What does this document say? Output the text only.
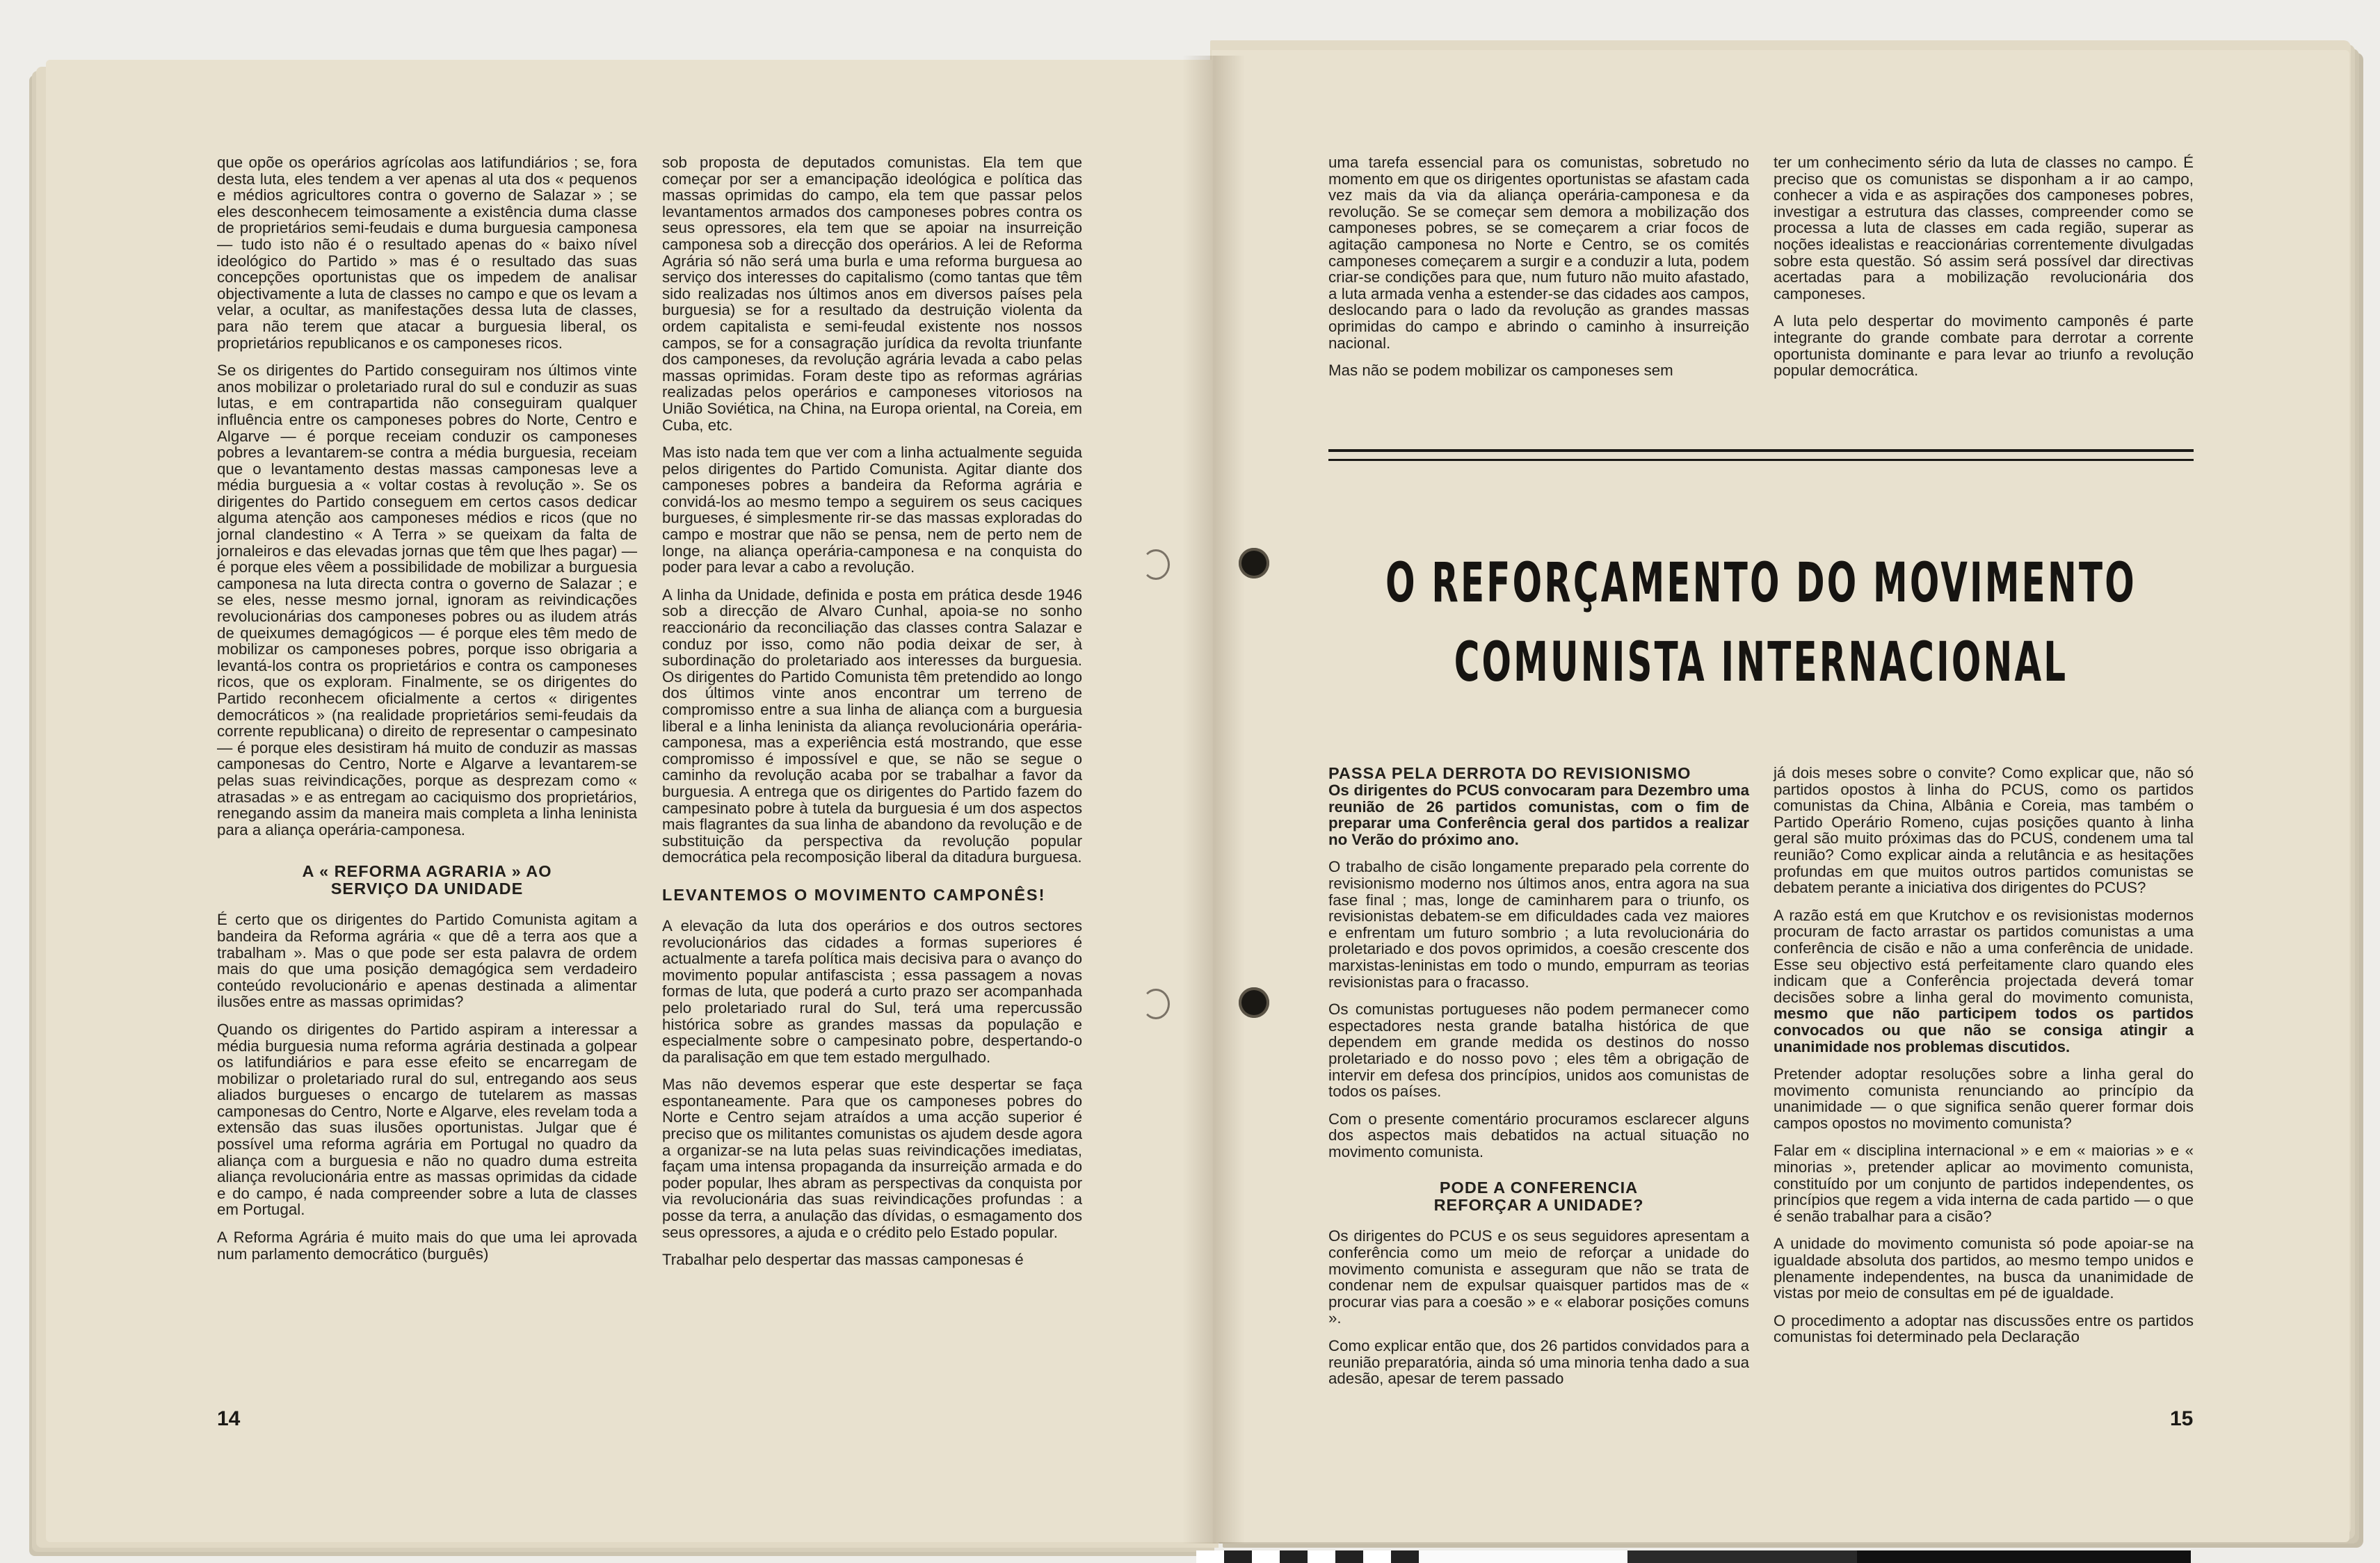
que opõe os operários agrícolas aos latifundiários ; se, fora desta luta, eles tendem a ver apenas al uta dos « pequenos e médios agricultores contra o governo de Salazar » ; se eles desconhecem teimosamente a existência duma classe de proprietários semi-feudais e duma burguesia camponesa — tudo isto não é o resultado apenas do « baixo nível ideológico do Partido » mas é o resultado das suas concepções oportunistas que os impedem de analisar objectivamente a luta de classes no campo e que os levam a velar, a ocultar, as manifestações dessa luta de classes, para não terem que atacar a burguesia liberal, os proprietários republicanos e os camponeses ricos.

Se os dirigentes do Partido conseguiram nos últimos vinte anos mobilizar o proletariado rural do sul e conduzir as suas lutas, e em contrapartida não conseguiram qualquer influência entre os camponeses pobres do Norte, Centro e Algarve — é porque receiam conduzir os camponeses pobres a levantarem-se contra a média burguesia, receiam que o levantamento destas massas camponesas leve a média burguesia a « voltar costas à revolução ». Se os dirigentes do Partido conseguem em certos casos dedicar alguma atenção aos camponeses médios e ricos (que no jornal clandestino « A Terra » se queixam da falta de jornaleiros e das elevadas jornas que têm que lhes pagar) — é porque eles vêem a possibilidade de mobilizar a burguesia camponesa na luta directa contra o governo de Salazar ; e se eles, nesse mesmo jornal, ignoram as reivindicações revolucionárias dos camponeses pobres ou as iludem atrás de queixumes demagógicos — é porque eles têm medo de mobilizar os camponeses pobres, porque isso obrigaria a levantá-los contra os proprietários e contra os camponeses ricos, que os exploram. Finalmente, se os dirigentes do Partido reconhecem oficialmente a certos « dirigentes democráticos » (na realidade proprietários semi-feudais da corrente republicana) o direito de representar o campesinato — é porque eles desistiram há muito de conduzir as massas camponesas do Centro, Norte e Algarve a levantarem-se pelas suas reivindicações, porque as desprezam como « atrasadas » e as entregam ao caciquismo dos proprietários, renegando assim da maneira mais completa a linha leninista para a aliança operária-camponesa.

A « REFORMA AGRARIA » AO SERVIÇO DA UNIDADE

É certo que os dirigentes do Partido Comunista agitam a bandeira da Reforma agrária « que dê a terra aos que a trabalham ». Mas o que pode ser esta palavra de ordem mais do que uma posição demagógica sem verdadeiro conteúdo revolucionário e apenas destinada a alimentar ilusões entre as massas oprimidas?

Quando os dirigentes do Partido aspiram a interessar a média burguesia numa reforma agrária destinada a golpear os latifundiários e para esse efeito se encarregam de mobilizar o proletariado rural do sul, entregando aos seus aliados burgueses o encargo de tutelarem as massas camponesas do Centro, Norte e Algarve, eles revelam toda a extensão das suas ilusões oportunistas. Julgar que é possível uma reforma agrária em Portugal no quadro da aliança com a burguesia e não no quadro duma estreita aliança revolucionária entre as massas oprimidas da cidade e do campo, é nada compreender sobre a luta de classes em Portugal.

A Reforma Agrária é muito mais do que uma lei aprovada num parlamento democrático (burguês)

sob proposta de deputados comunistas. Ela tem que começar por ser a emancipação ideológica e política das massas oprimidas do campo, ela tem que passar pelos levantamentos armados dos camponeses pobres contra os seus opressores, ela tem que se apoiar na insurreição camponesa sob a direcção dos operários. A lei de Reforma Agrária só não será uma burla e uma reforma burguesa ao serviço dos interesses do capitalismo (como tantas que têm sido realizadas nos últimos anos em diversos países pela burguesia) se for a resultado da destruição violenta da ordem capitalista e semi-feudal existente nos nossos campos, se for a consagração jurídica da revolta triunfante dos camponeses, da revolução agrária levada a cabo pelas massas oprimidas. Foram deste tipo as reformas agrárias realizadas pelos operários e camponeses vitoriosos na União Soviética, na China, na Europa oriental, na Coreia, em Cuba, etc.

Mas isto nada tem que ver com a linha actualmente seguida pelos dirigentes do Partido Comunista. Agitar diante dos camponeses pobres a bandeira da Reforma agrária e convidá-los ao mesmo tempo a seguirem os seus caciques burgueses, é simplesmente rir-se das massas exploradas do campo e mostrar que não se pensa, nem de perto nem de longe, na aliança operária-camponesa e na conquista do poder para levar a cabo a revolução.

A linha da Unidade, definida e posta em prática desde 1946 sob a direcção de Alvaro Cunhal, apoia-se no sonho reaccionário da reconciliação das classes contra Salazar e conduz por isso, como não podia deixar de ser, à subordinação do proletariado aos interesses da burguesia. Os dirigentes do Partido Comunista têm pretendido ao longo dos últimos vinte anos encontrar um terreno de compromisso entre a sua linha de aliança com a burguesia liberal e a linha leninista da aliança revolucionária operária-camponesa, mas a experiência está mostrando, que esse compromisso é impossível e que, se não se segue o caminho da revolução acaba por se trabalhar a favor da burguesia. A entrega que os dirigentes do Partido fazem do campesinato pobre à tutela da burguesia é um dos aspectos mais flagrantes da sua linha de abandono da revolução e de substituição da perspectiva da revolução popular democrática pela recomposição liberal da ditadura burguesa.

LEVANTEMOS O MOVIMENTO CAMPONÊS!

A elevação da luta dos operários e dos outros sectores revolucionários das cidades a formas superiores é actualmente a tarefa política mais decisiva para o avanço do movimento popular antifascista ; essa passagem a novas formas de luta, que poderá a curto prazo ser acompanhada pelo proletariado rural do Sul, terá uma repercussão histórica sobre as grandes massas da população e especialmente sobre o campesinato pobre, despertando-o da paralisação em que tem estado mergulhado.

Mas não devemos esperar que este despertar se faça espontaneamente. Para que os camponeses pobres do Norte e Centro sejam atraídos a uma acção superior é preciso que os militantes comunistas os ajudem desde agora a organizar-se na luta pelas suas reivindicações imediatas, façam uma intensa propaganda da insurreição armada e do poder popular, lhes abram as perspectivas da conquista por via revolucionária das suas reivindicações profundas : a posse da terra, a anulação das dívidas, o esmagamento dos seus opressores, a ajuda e o crédito pelo Estado popular.

Trabalhar pelo despertar das massas camponesas é

14

uma tarefa essencial para os comunistas, sobretudo no momento em que os dirigentes oportunistas se afastam cada vez mais da via da aliança operária-camponesa e da revolução. Se se começar sem demora a mobilização dos camponeses pobres, se se começarem a criar focos de agitação camponesa no Norte e Centro, se os comités camponeses começarem a surgir e a conduzir a luta, podem criar-se condições para que, num futuro não muito afastado, a luta armada venha a estender-se das cidades aos campos, deslocando para o lado da revolução as grandes massas oprimidas do campo e abrindo o caminho à insurreição nacional.

Mas não se podem mobilizar os camponeses sem

ter um conhecimento sério da luta de classes no campo. É preciso que os comunistas se disponham a ir ao campo, conhecer a vida e as aspirações dos camponeses pobres, investigar a estrutura das classes, compreender como se processa a luta de classes em cada região, superar as noções idealistas e reaccionárias correntemente divulgadas sobre esta questão. Só assim será possível dar directivas acertadas para a mobilização revolucionária dos camponeses.

A luta pelo despertar do movimento camponês é parte integrante do grande combate para derrotar a corrente oportunista dominante e para levar ao triunfo a revolução popular democrática.

O REFORÇAMENTO DO MOVIMENTO
COMUNISTA INTERNACIONAL
PASSA PELA DERROTA DO REVISIONISMO

Os dirigentes do PCUS convocaram para Dezembro uma reunião de 26 partidos comunistas, com o fim de preparar uma Conferência geral dos partidos a realizar no Verão do próximo ano.

O trabalho de cisão longamente preparado pela corrente do revisionismo moderno nos últimos anos, entra agora na sua fase final ; mas, longe de caminharem para o triunfo, os revisionistas debatem-se em dificuldades cada vez maiores e enfrentam um futuro sombrio ; a luta revolucionária do proletariado e dos povos oprimidos, a coesão crescente dos marxistas-leninistas em todo o mundo, empurram as teorias revisionistas para o fracasso.

Os comunistas portugueses não podem permanecer como espectadores nesta grande batalha histórica de que dependem em grande medida os destinos do nosso proletariado e do nosso povo ; eles têm a obrigação de intervir em defesa dos princípios, unidos aos comunistas de todos os países.

Com o presente comentário procuramos esclarecer alguns dos aspectos mais debatidos na actual situação no movimento comunista.

PODE A CONFERENCIA REFORÇAR A UNIDADE?

Os dirigentes do PCUS e os seus seguidores apresentam a conferência como um meio de reforçar a unidade do movimento comunista e asseguram que não se trata de condenar nem de expulsar quaisquer partidos mas de « procurar vias para a coesão » e « elaborar posições comuns ».

Como explicar então que, dos 26 partidos convidados para a reunião preparatória, ainda só uma minoria tenha dado a sua adesão, apesar de terem passado

já dois meses sobre o convite? Como explicar que, não só partidos opostos à linha do PCUS, como os partidos comunistas da China, Albânia e Coreia, mas também o Partido Operário Romeno, cujas posições quanto à linha geral são muito próximas das do PCUS, condenem uma tal reunião? Como explicar ainda a relutância e as hesitações profundas em que muitos outros partidos comunistas se debatem perante a iniciativa dos dirigentes do PCUS?

A razão está em que Krutchov e os revisionistas modernos procuram de facto arrastar os partidos comunistas a uma conferência de cisão e não a uma conferência de unidade. Esse seu objectivo está perfeitamente claro quando eles indicam que a Conferência projectada deverá tomar decisões sobre a linha geral do movimento comunista, mesmo que não participem todos os partidos convocados ou que não se consiga atingir a unanimidade nos problemas discutidos.

Pretender adoptar resoluções sobre a linha geral do movimento comunista renunciando ao princípio da unanimidade — o que significa senão querer formar dois campos opostos no movimento comunista?

Falar em « disciplina internacional » e em « maiorias » e « minorias », pretender aplicar ao movimento comunista, constituído por um conjunto de partidos independentes, os princípios que regem a vida interna de cada partido — o que é senão trabalhar para a cisão?

A unidade do movimento comunista só pode apoiar-se na igualdade absoluta dos partidos, ao mesmo tempo unidos e plenamente independentes, na busca da unanimidade de vistas por meio de consultas em pé de igualdade.

O procedimento a adoptar nas discussões entre os partidos comunistas foi determinado pela Declaração

15
